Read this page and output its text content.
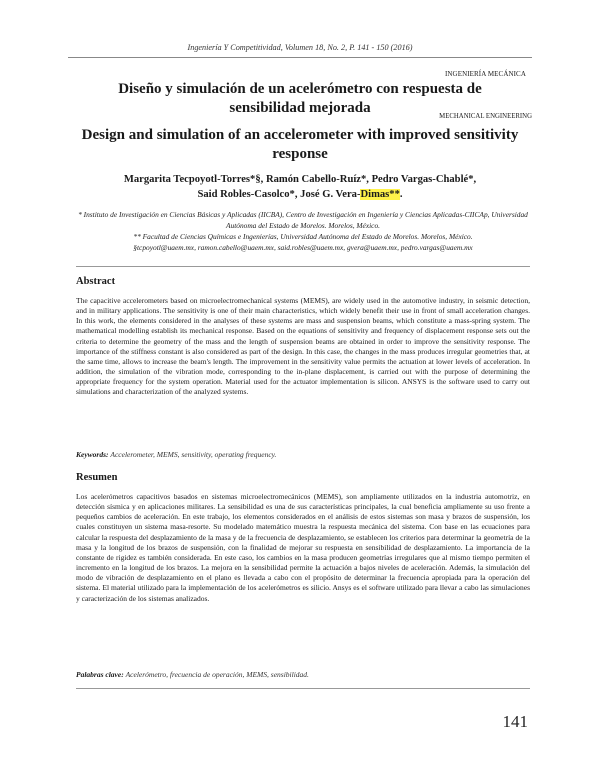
Ingeniería Y Competitividad, Volumen 18, No. 2, P. 141 - 150 (2016)
INGENIERÍA MECÁNICA
Diseño y simulación de un acelerómetro con respuesta de sensibilidad mejorada
MECHANICAL ENGINEERING
Design and simulation of an accelerometer with improved sensitivity response
Margarita Tecpoyotl-Torres*§, Ramón Cabello-Ruíz*, Pedro Vargas-Chablé*,
Said Robles-Casolco*, José G. Vera-Dimas**.

* Instituto de Investigación en Ciencias Básicas y Aplicadas (IICBA), Centro de Investigación en Ingeniería y Ciencias Aplicadas-CIICAp, Universidad Autónoma del Estado de Morelos. Morelos, México.

** Facultad de Ciencias Químicas e Ingenierías, Universidad Autónoma del Estado de Morelos. Morelos, México.

§tcpoyotl@uaem.mx, ramon.cabello@uaem.mx, said.robles@uaem.mx, gvera@uaem.mx, pedro.vargas@uaem.mx

Abstract
The capacitive accelerometers based on microelectromechanical systems (MEMS), are widely used in the automotive industry, in seismic detection, and in military applications. The sensitivity is one of their main characteristics, which widely benefit their use in front of small acceleration changes. In this work, the elements considered in the analyses of these systems are mass and suspension beams, which constitute a mass-spring system. The mathematical modelling establish its mechanical response. Based on the equations of sensitivity and frequency of displacement response sets out the criteria to determine the geometry of the mass and the length of suspension beams are obtained in order to improve the sensitivity response. The importance of the stiffness constant is also considered as part of the design. In this case, the changes in the mass produces irregular geometries that, at the same time, allows to increase the beam's length. The improvement in the sensitivity value permits the actuation at lower levels of acceleration. In addition, the simulation of the vibration mode, corresponding to the in-plane displacement, is carried out with the purpose of determining the appropriate frequency for the system operation. Material used for the actuator implementation is silicon. ANSYS is the software used to carry out simulations and characterization of the analyzed systems.
Keywords: Accelerometer, MEMS, sensitivity, operating frequency.
Resumen
Los acelerómetros capacitivos basados en sistemas microelectromecánicos (MEMS), son ampliamente utilizados en la industria automotriz, en detección sísmica y en aplicaciones militares. La sensibilidad es una de sus características principales, la cual beneficia ampliamente su uso frente a pequeños cambios de aceleración. En este trabajo, los elementos considerados en el análisis de estos sistemas son masa y brazos de suspensión, los cuales constituyen un sistema masa-resorte. Su modelado matemático muestra la respuesta mecánica del sistema. Con base en las ecuaciones para calcular la respuesta del desplazamiento de la masa y de la frecuencia de desplazamiento, se establecen los criterios para determinar la geometría de la masa y la longitud de los brazos de suspensión, con la finalidad de mejorar su respuesta en sensibilidad de desplazamiento. La importancia de la constante de rigidez es también considerada. En este caso, los cambios en la masa producen geometrías irregulares que al mismo tiempo permiten el incremento en la longitud de los brazos. La mejora en la sensibilidad permite la actuación a bajos niveles de aceleración. Además, la simulación del modo de vibración de desplazamiento en el plano es llevada a cabo con el propósito de determinar la frecuencia apropiada para la operación del sistema. El material utilizado para la implementación de los acelerómetros es silicio. Ansys es el software utilizado para llevar a cabo las simulaciones y caracterización de los sistemas analizados.
Palabras clave: Acelerómetro, frecuencia de operación, MEMS, sensibilidad.
141
